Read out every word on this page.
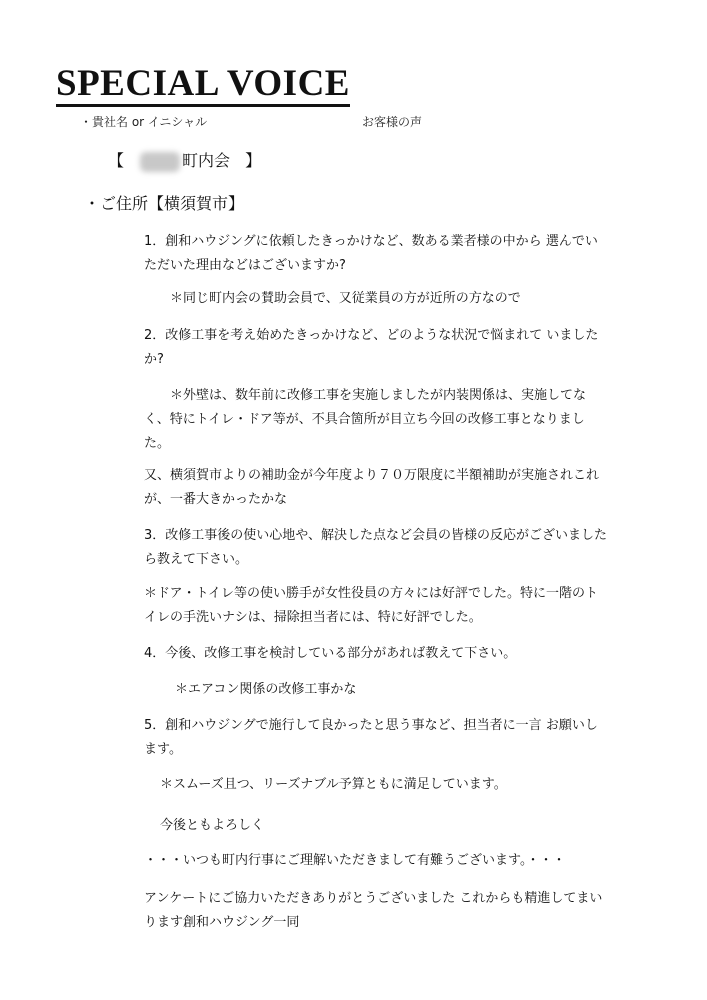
SPECIAL VOICE
・貴社名 or イニシャル	お客様の声
【	町内会 】
・ご住所【横須賀市】

1．創和ハウジングに依頼したきっかけなど、数ある業者様の中から 選んでいただいた理由などはございますか?

＊同じ町内会の賛助会員で、又従業員の方が近所の方なので

2．改修工事を考え始めたきっかけなど、どのような状況で悩まれて いましたか?

＊外壁は、数年前に改修工事を実施しましたが内装関係は、実施してなく、特にトイレ・ドア等が、不具合箇所が目立ち今回の改修工事となりました。

又、横須賀市よりの補助金が今年度より７０万限度に半額補助が実施されこれが、一番大きかったかな

3．改修工事後の使い心地や、解決した点など会員の皆様の反応がございましたら教えて下さい。

＊ドア・トイレ等の使い勝手が女性役員の方々には好評でした。特に一階のトイレの手洗いナシは、掃除担当者には、特に好評でした。

4．今後、改修工事を検討している部分があれば教えて下さい。

＊エアコン関係の改修工事かな

5．創和ハウジングで施行して良かったと思う事など、担当者に一言 お願いします。

＊スムーズ且つ、リーズナブル予算ともに満足しています。

今後ともよろしく

・・・いつも町内行事にご理解いただきまして有難うございます。・・・

アンケートにご協力いただきありがとうございました これからも精進してまいります創和ハウジング一同
